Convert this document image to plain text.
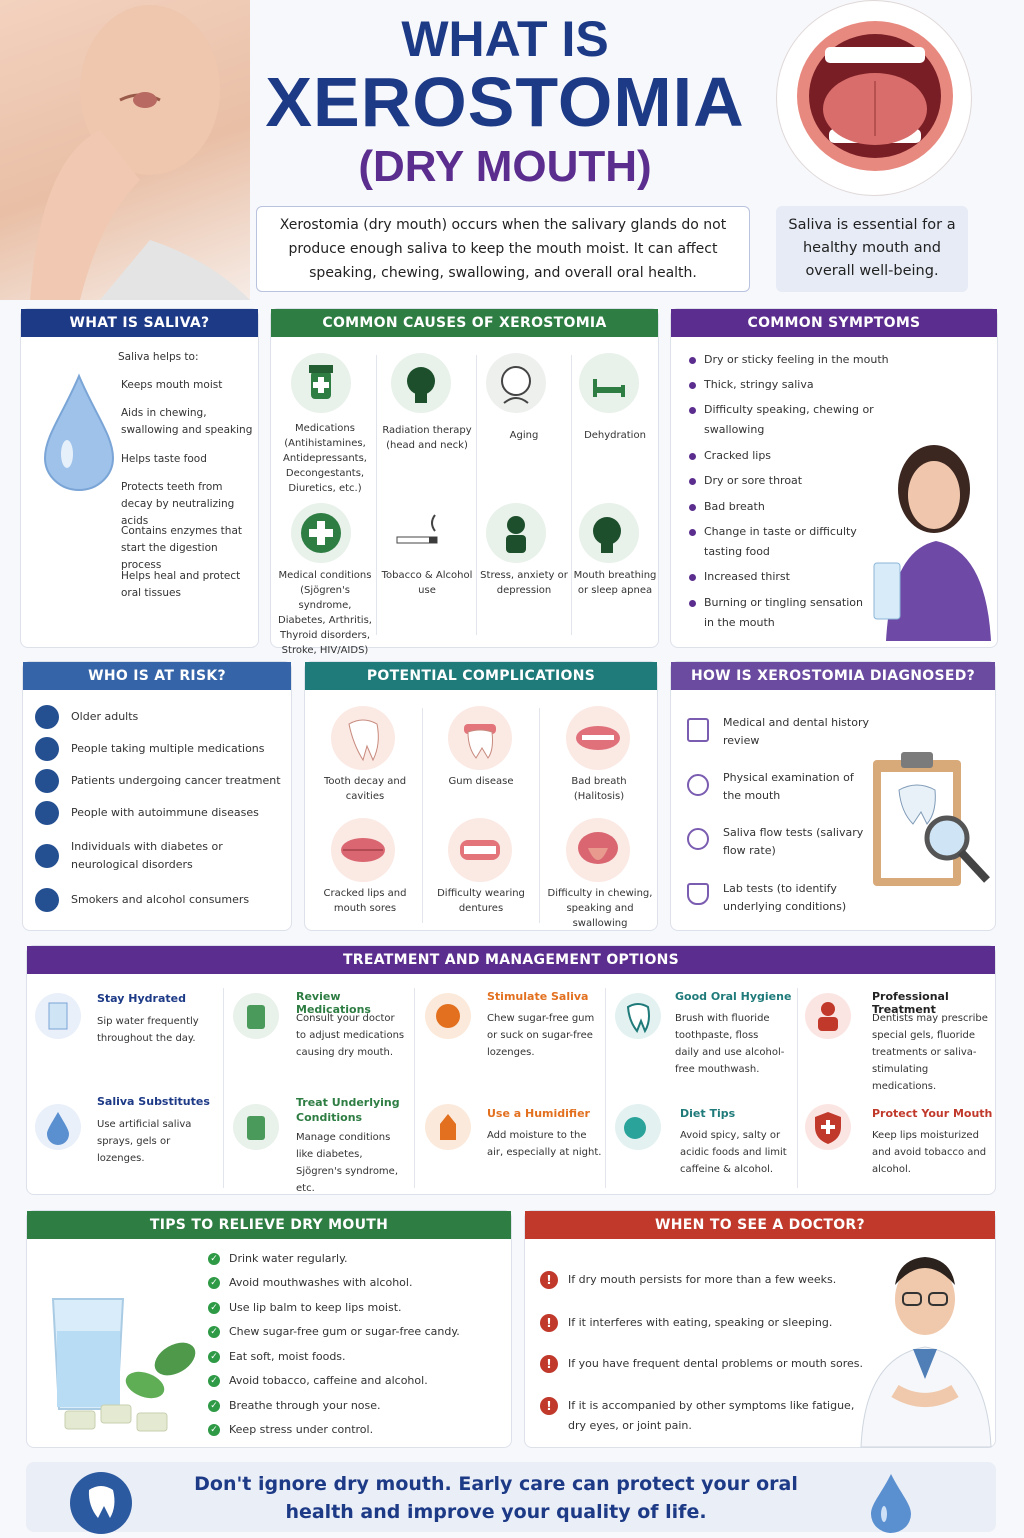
WHAT IS
XEROSTOMIA
(DRY MOUTH)
Xerostomia (dry mouth) occurs when the salivary glands do not produce enough saliva to keep the mouth moist. It can affect speaking, chewing, swallowing, and overall oral health.
Saliva is essential for a healthy mouth and overall well-being.
WHAT IS SALIVA?
Saliva helps to:
Keeps mouth moist
Aids in chewing, swallowing and speaking
Helps taste food
Protects teeth from decay by neutralizing acids
Contains enzymes that start the digestion process
Helps heal and protect oral tissues
COMMON CAUSES OF XEROSTOMIA
Medications (Antihistamines, Antidepressants, Decongestants, Diuretics, etc.)
Radiation therapy (head and neck)
Aging	Dehydration
Medical conditions (Sjögren's syndrome, Diabetes, Arthritis, Thyroid disorders, Stroke, HIV/AIDS)
Tobacco & Alcohol use
Stress, anxiety or depression
Mouth breathing or sleep apnea
COMMON SYMPTOMS
Dry or sticky feeling in the mouth
Thick, stringy saliva
Difficulty speaking, chewing or swallowing
Cracked lips
Dry or sore throat
Bad breath
Change in taste or difficulty tasting food
Increased thirst
Burning or tingling sensation in the mouth
WHO IS AT RISK?
Older adults
People taking multiple medications
Patients undergoing cancer treatment
People with autoimmune diseases
Individuals with diabetes or neurological disorders
Smokers and alcohol consumers
POTENTIAL COMPLICATIONS
Tooth decay and cavities
Gum disease	Bad breath (Halitosis)
Cracked lips and mouth sores
Difficulty wearing dentures
Difficulty in chewing, speaking and swallowing
HOW IS XEROSTOMIA DIAGNOSED?
Medical and dental history review
Physical examination of the mouth
Saliva flow tests (salivary flow rate)
Lab tests (to identify underlying conditions)
TREATMENT AND MANAGEMENT OPTIONS
Stay Hydrated
Sip water frequently throughout the day.
Saliva Substitutes
Use artificial saliva sprays, gels or lozenges.
Review Medications
Consult your doctor to adjust medications causing dry mouth.
Treat Underlying Conditions
Manage conditions like diabetes, Sjögren's syndrome, etc.
Stimulate Saliva
Chew sugar-free gum or suck on sugar-free lozenges.
Use a Humidifier
Add moisture to the air, especially at night.
Good Oral Hygiene
Brush with fluoride toothpaste, floss daily and use alcohol-free mouthwash.
Diet Tips
Avoid spicy, salty or acidic foods and limit caffeine & alcohol.
Professional Treatment
Dentists may prescribe special gels, fluoride treatments or saliva-stimulating medications.
Protect Your Mouth
Keep lips moisturized and avoid tobacco and alcohol.
TIPS TO RELIEVE DRY MOUTH
✓ Drink water regularly.
✓ Avoid mouthwashes with alcohol.
✓ Use lip balm to keep lips moist.
✓ Chew sugar-free gum or sugar-free candy.
✓ Eat soft, moist foods.
✓ Avoid tobacco, caffeine and alcohol.
✓ Breathe through your nose.
✓ Keep stress under control.
WHEN TO SEE A DOCTOR?
!	If dry mouth persists for more than a few weeks.
!	If it interferes with eating, speaking or sleeping.
!	If you have frequent dental problems or mouth sores.
!	If it is accompanied by other symptoms like fatigue, dry eyes, or joint pain.
Don't ignore dry mouth. Early care can protect your oral health and improve your quality of life.
